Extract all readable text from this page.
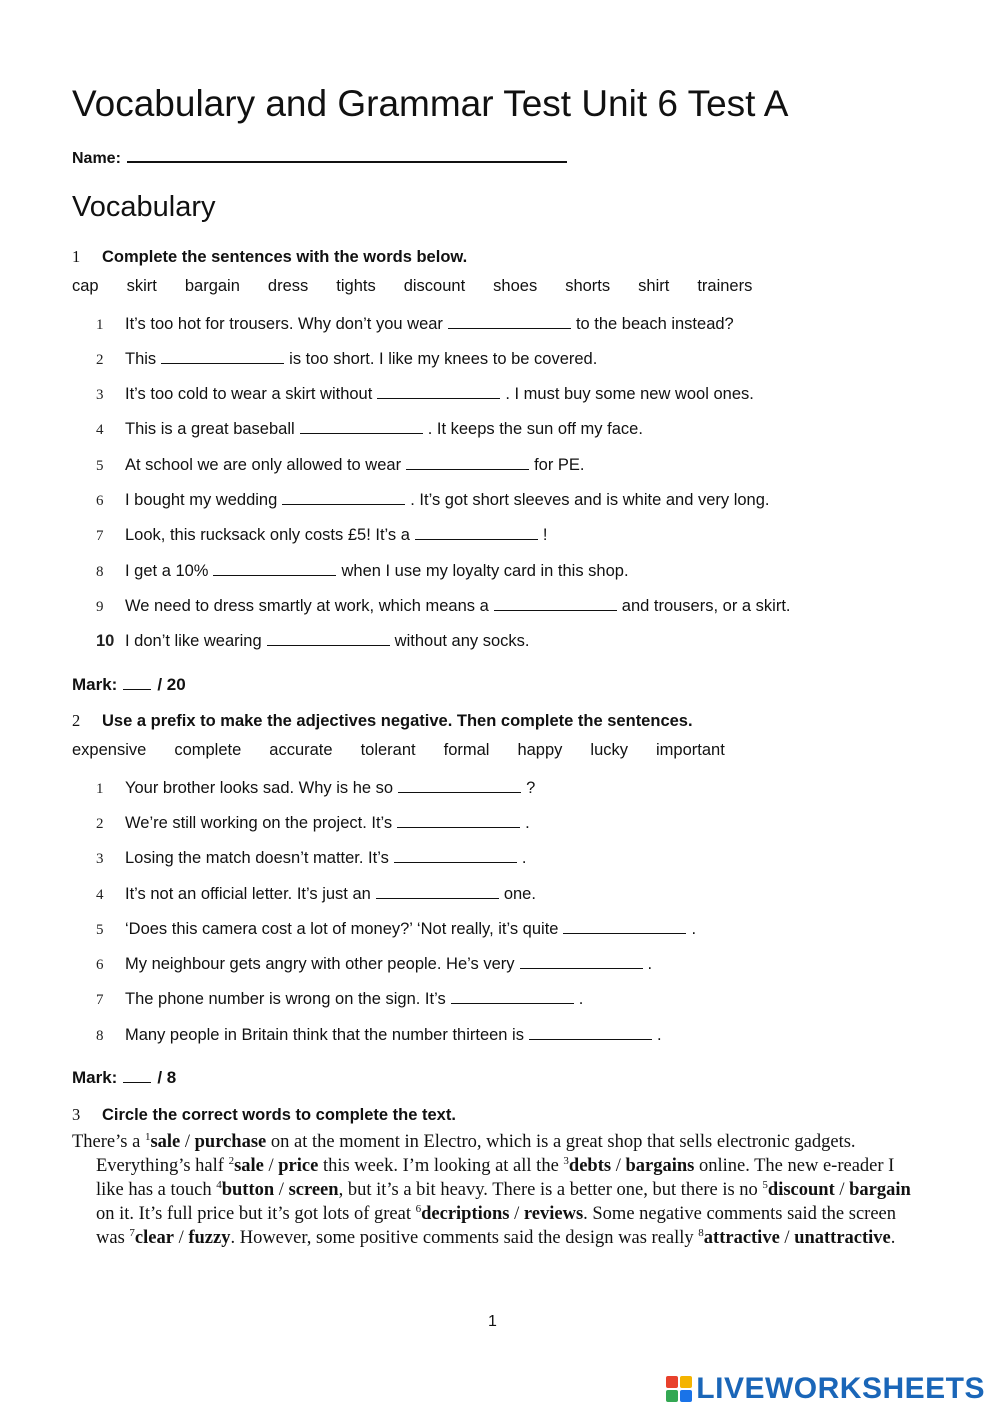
Vocabulary and Grammar Test Unit 6 Test A
Name:
Vocabulary
1 Complete the sentences with the words below.
cap skirt bargain dress tights discount shoes shorts shirt trainers
1	It’s too hot for trousers. Why don’t you wear	to the beach instead?
2	This	is too short. I like my knees to be covered.
3	It’s too cold to wear a skirt without	. I must buy some new wool ones.
4	This is a great baseball	. It keeps the sun off my face.
5	At school we are only allowed to wear	for PE.
6	I bought my wedding	. It’s got short sleeves and is white and very long.
7	Look, this rucksack only costs £5! It’s a	!
8	I get a 10%	when I use my loyalty card in this shop.
9	We need to dress smartly at work, which means a	and trousers, or a skirt.
10 I don’t like wearing	without any socks.
Mark: / 20
2 Use a prefix to make the adjectives negative. Then complete the sentences.
expensive complete accurate tolerant formal happy lucky important
1	Your brother looks sad. Why is he so	?
2	We’re still working on the project. It’s	.
3	Losing the match doesn’t matter. It’s	.
4	It’s not an official letter. It’s just an	one.
5	‘Does this camera cost a lot of money?’ ‘Not really, it’s quite	.
6	My neighbour gets angry with other people. He’s very	.
7	The phone number is wrong on the sign. It’s	.
8	Many people in Britain think that the number thirteen is	.
Mark: / 8
3 Circle the correct words to complete the text.
There’s a $^1$sale / purchase on at the moment in Electro, which is a great shop that sells electronic gadgets. Everything’s half $^2$sale / price this week. I’m looking at all the $^3$debts / bargains online. The new e-reader I like has a touch $^4$button / screen, but it’s a bit heavy. There is a better one, but there is no $^5$discount / bargain on it. It’s full price but it’s got lots of great $^6$decriptions / reviews. Some negative comments said the screen was $^7$clear / fuzzy. However, some positive comments said the design was really $^8$attractive / unattractive.
1
LIVEWORKSHEETS
